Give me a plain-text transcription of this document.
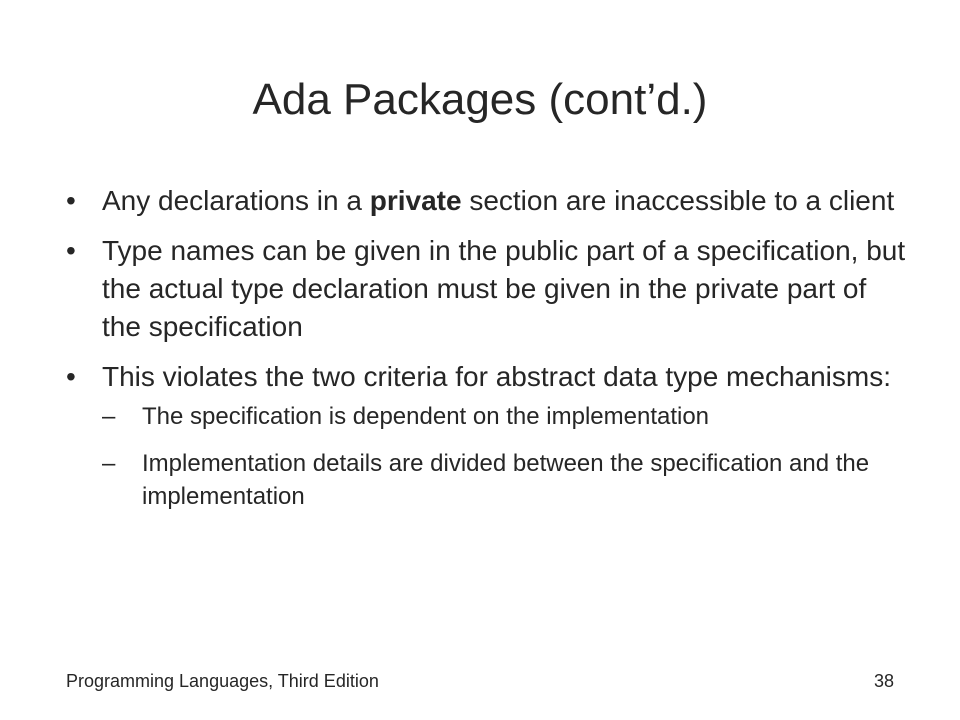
Ada Packages (cont’d.)
• Any declarations in a private section are inaccessible to a client
• Type names can be given in the public part of a specification, but the actual type declaration must be given in the private part of the specification
• This violates the two criteria for abstract data type mechanisms:
– The specification is dependent on the implementation
– Implementation details are divided between the specification and the implementation
Programming Languages, Third Edition	38
